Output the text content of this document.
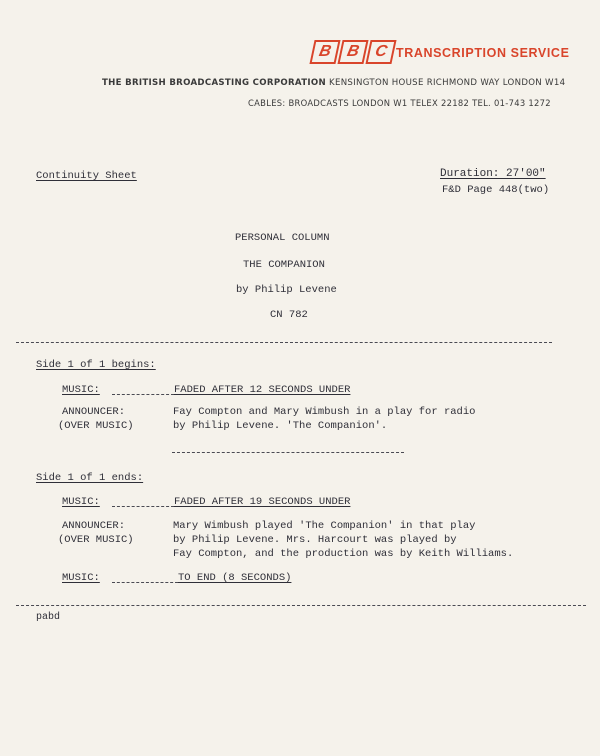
B B C TRANSCRIPTION SERVICE
THE BRITISH BROADCASTING CORPORATION KENSINGTON HOUSE RICHMOND WAY LONDON W14
CABLES: BROADCASTS LONDON W1 TELEX 22182 TEL. 01-743 1272
Continuity Sheet	Duration: 27'00"
F&D Page 448(two)
PERSONAL COLUMN
THE COMPANION
by Philip Levene
CN 782
Side 1 of 1 begins:
MUSIC:	FADED AFTER 12 SECONDS UNDER
ANNOUNCER:
(OVER MUSIC)
Fay Compton and Mary Wimbush in a play for radio
by Philip Levene. 'The Companion'.
Side 1 of 1 ends:
MUSIC:	FADED AFTER 19 SECONDS UNDER
ANNOUNCER:
(OVER MUSIC)
Mary Wimbush played 'The Companion' in that play
by Philip Levene. Mrs. Harcourt was played by
Fay Compton, and the production was by Keith Williams.
MUSIC:	TO END (8 SECONDS)
pabd
